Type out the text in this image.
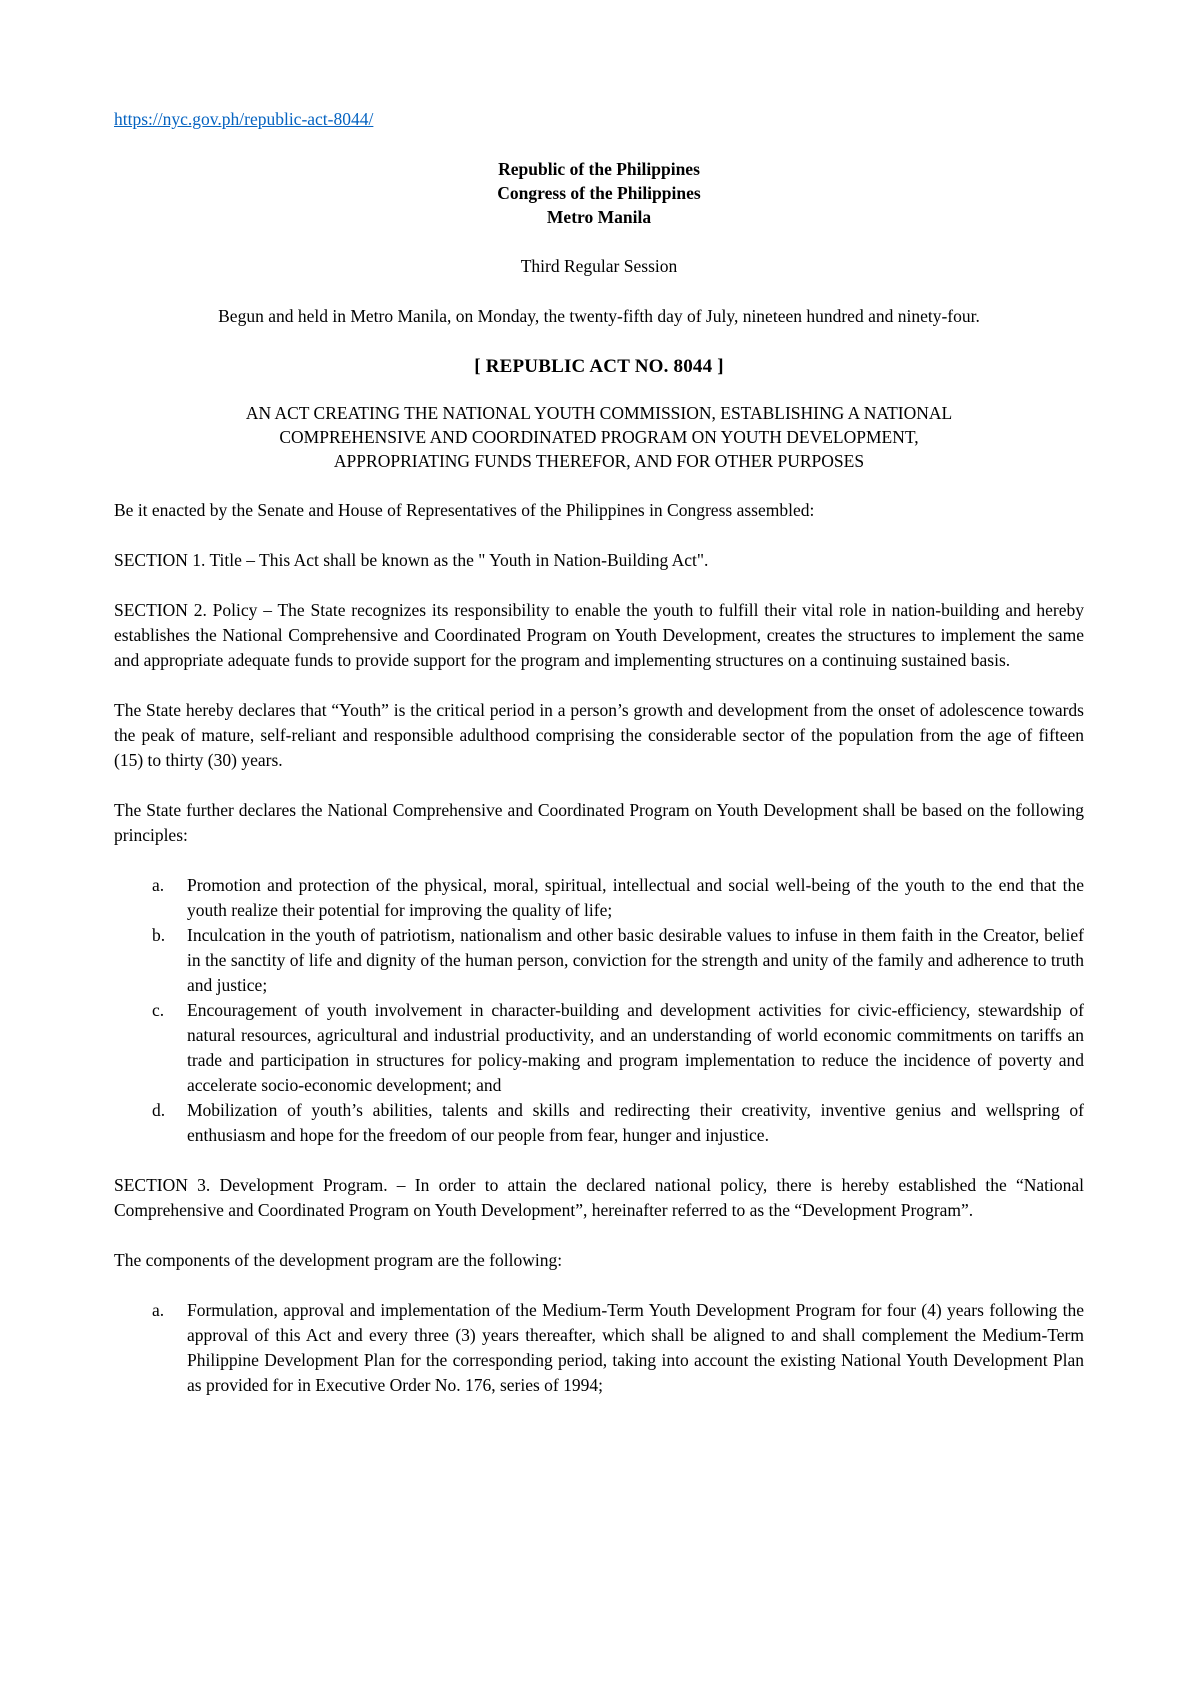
https://nyc.gov.ph/republic-act-8044/
Republic of the Philippines
Congress of the Philippines
Metro Manila
Third Regular Session
Begun and held in Metro Manila, on Monday, the twenty-fifth day of July, nineteen hundred and ninety-four.
[ REPUBLIC ACT NO. 8044 ]
AN ACT CREATING THE NATIONAL YOUTH COMMISSION, ESTABLISHING A NATIONAL
COMPREHENSIVE AND COORDINATED PROGRAM ON YOUTH DEVELOPMENT,
APPROPRIATING FUNDS THEREFOR, AND FOR OTHER PURPOSES

Be it enacted by the Senate and House of Representatives of the Philippines in Congress assembled:

SECTION 1. Title – This Act shall be known as the " Youth in Nation-Building Act".

SECTION 2. Policy – The State recognizes its responsibility to enable the youth to fulfill their vital role in nation-building and hereby establishes the National Comprehensive and Coordinated Program on Youth Development, creates the structures to implement the same and appropriate adequate funds to provide support for the program and implementing structures on a continuing sustained basis.

The State hereby declares that “Youth” is the critical period in a person’s growth and development from the onset of adolescence towards the peak of mature, self-reliant and responsible adulthood comprising the considerable sector of the population from the age of fifteen (15) to thirty (30) years.

The State further declares the National Comprehensive and Coordinated Program on Youth Development shall be based on the following principles:

a. Promotion and protection of the physical, moral, spiritual, intellectual and social well-being of the youth to the end that the youth realize their potential for improving the quality of life;
b. Inculcation in the youth of patriotism, nationalism and other basic desirable values to infuse in them faith in the Creator, belief in the sanctity of life and dignity of the human person, conviction for the strength and unity of the family and adherence to truth and justice;
c. Encouragement of youth involvement in character-building and development activities for civic-efficiency, stewardship of natural resources, agricultural and industrial productivity, and an understanding of world economic commitments on tariffs an trade and participation in structures for policy-making and program implementation to reduce the incidence of poverty and accelerate socio-economic development; and
d. Mobilization of youth’s abilities, talents and skills and redirecting their creativity, inventive genius and wellspring of enthusiasm and hope for the freedom of our people from fear, hunger and injustice.

SECTION 3. Development Program. – In order to attain the declared national policy, there is hereby established the “National Comprehensive and Coordinated Program on Youth Development”, hereinafter referred to as the “Development Program”.

The components of the development program are the following:

a. Formulation, approval and implementation of the Medium-Term Youth Development Program for four (4) years following the approval of this Act and every three (3) years thereafter, which shall be aligned to and shall complement the Medium-Term Philippine Development Plan for the corresponding period, taking into account the existing National Youth Development Plan as provided for in Executive Order No. 176, series of 1994;
